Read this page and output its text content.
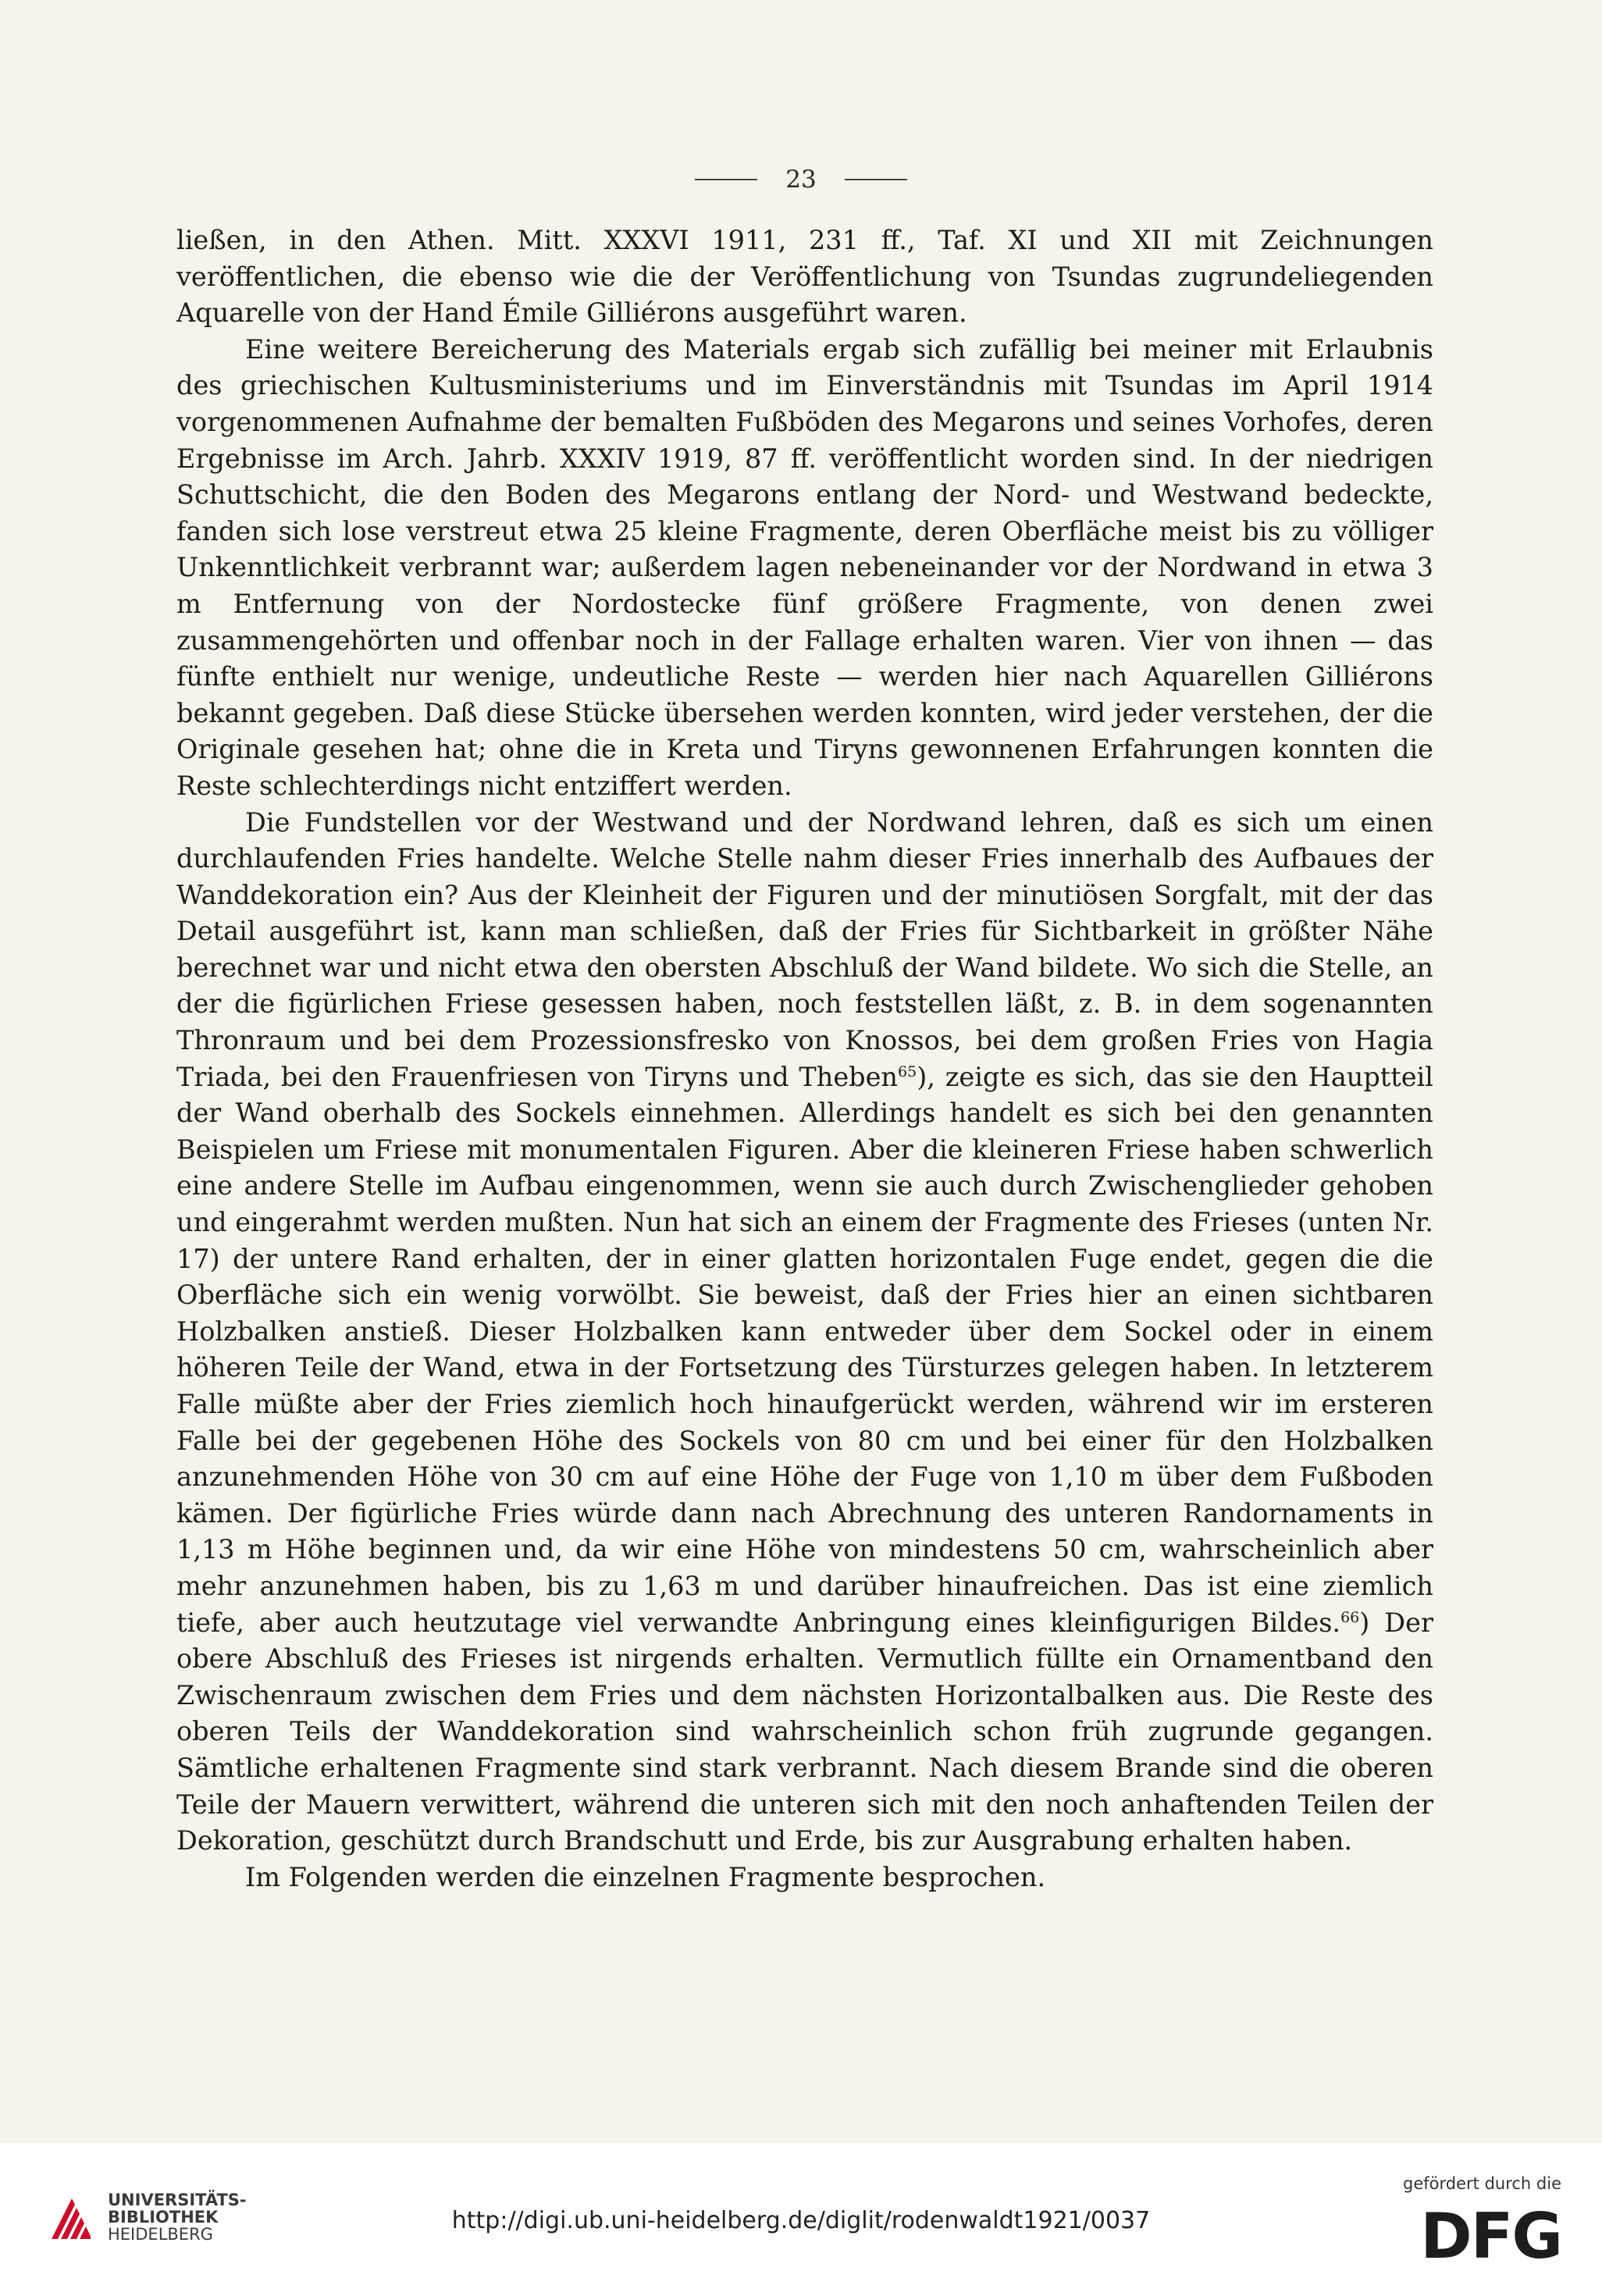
23

ließen, in den Athen. Mitt. XXXVI 1911, 231 ff., Taf. XI und XII mit Zeichnungen veröffentlichen, die ebenso wie die der Veröffentlichung von Tsundas zugrundeliegenden Aquarelle von der Hand Émile Gilliérons ausgeführt waren.

Eine weitere Bereicherung des Materials ergab sich zufällig bei meiner mit Erlaubnis des griechischen Kultusministeriums und im Einverständnis mit Tsundas im April 1914 vorgenommenen Aufnahme der bemalten Fußböden des Megarons und seines Vorhofes, deren Ergebnisse im Arch. Jahrb. XXXIV 1919, 87 ff. veröffentlicht worden sind. In der niedrigen Schuttschicht, die den Boden des Megarons entlang der Nord- und Westwand bedeckte, fanden sich lose verstreut etwa 25 kleine Fragmente, deren Oberfläche meist bis zu völliger Unkenntlichkeit verbrannt war; außerdem lagen nebeneinander vor der Nordwand in etwa 3 m Entfernung von der Nordostecke fünf größere Fragmente, von denen zwei zusammengehörten und offenbar noch in der Fallage erhalten waren. Vier von ihnen — das fünfte enthielt nur wenige, undeutliche Reste — werden hier nach Aquarellen Gilliérons bekannt gegeben. Daß diese Stücke übersehen werden konnten, wird jeder verstehen, der die Originale gesehen hat; ohne die in Kreta und Tiryns gewonnenen Erfahrungen konnten die Reste schlechterdings nicht entziffert werden.

Die Fundstellen vor der Westwand und der Nordwand lehren, daß es sich um einen durchlaufenden Fries handelte. Welche Stelle nahm dieser Fries innerhalb des Aufbaues der Wanddekoration ein? Aus der Kleinheit der Figuren und der minutiösen Sorgfalt, mit der das Detail ausgeführt ist, kann man schließen, daß der Fries für Sichtbarkeit in größter Nähe berechnet war und nicht etwa den obersten Abschluß der Wand bildete. Wo sich die Stelle, an der die figürlichen Friese gesessen haben, noch feststellen läßt, z. B. in dem sogenannten Thronraum und bei dem Prozessionsfresko von Knossos, bei dem großen Fries von Hagia Triada, bei den Frauenfriesen von Tiryns und Theben$^{65}$), zeigte es sich, das sie den Hauptteil der Wand oberhalb des Sockels einnehmen. Allerdings handelt es sich bei den genannten Beispielen um Friese mit monumentalen Figuren. Aber die kleineren Friese haben schwerlich eine andere Stelle im Aufbau eingenommen, wenn sie auch durch Zwischenglieder gehoben und eingerahmt werden mußten. Nun hat sich an einem der Fragmente des Frieses (unten Nr. 17) der untere Rand erhalten, der in einer glatten horizontalen Fuge endet, gegen die die Oberfläche sich ein wenig vorwölbt. Sie beweist, daß der Fries hier an einen sichtbaren Holzbalken anstieß. Dieser Holzbalken kann entweder über dem Sockel oder in einem höheren Teile der Wand, etwa in der Fortsetzung des Türsturzes gelegen haben. In letzterem Falle müßte aber der Fries ziemlich hoch hinaufgerückt werden, während wir im ersteren Falle bei der gegebenen Höhe des Sockels von 80 cm und bei einer für den Holzbalken anzunehmenden Höhe von 30 cm auf eine Höhe der Fuge von 1,10 m über dem Fußboden kämen. Der figürliche Fries würde dann nach Abrechnung des unteren Randornaments in 1,13 m Höhe beginnen und, da wir eine Höhe von mindestens 50 cm, wahrscheinlich aber mehr anzunehmen haben, bis zu 1,63 m und darüber hinaufreichen. Das ist eine ziemlich tiefe, aber auch heutzutage viel verwandte Anbringung eines kleinfigurigen Bildes.$^{66}$) Der obere Abschluß des Frieses ist nirgends erhalten. Vermutlich füllte ein Ornamentband den Zwischenraum zwischen dem Fries und dem nächsten Horizontalbalken aus. Die Reste des oberen Teils der Wanddekoration sind wahrscheinlich schon früh zugrunde gegangen. Sämtliche erhaltenen Fragmente sind stark verbrannt. Nach diesem Brande sind die oberen Teile der Mauern verwittert, während die unteren sich mit den noch anhaftenden Teilen der Dekoration, geschützt durch Brandschutt und Erde, bis zur Ausgrabung erhalten haben.

Im Folgenden werden die einzelnen Fragmente besprochen.

UNIVERSITÄTS-
BIBLIOTHEK
HEIDELBERG	http://digi.ub.uni-heidelberg.de/diglit/rodenwaldt1921/0037
gefördert durch die
DFG
